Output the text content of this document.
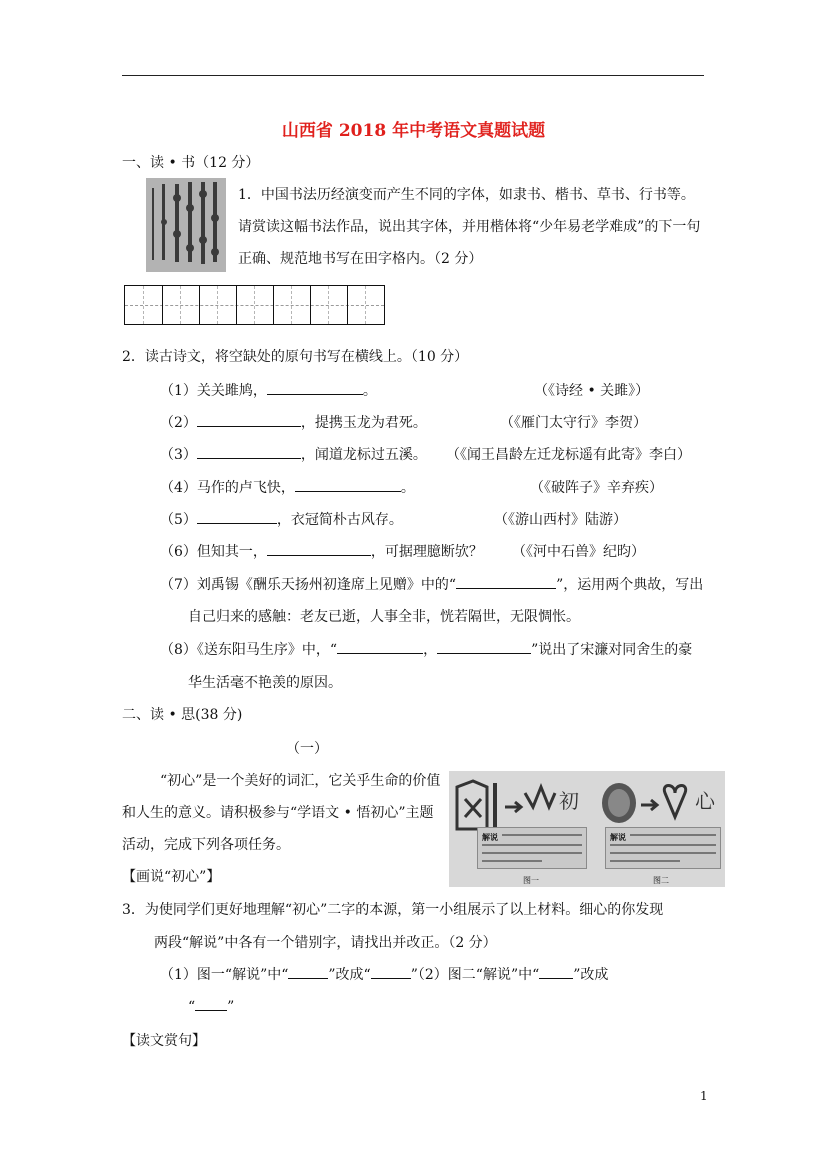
山西省 2018 年中考语文真题试题
一、读 • 书（12 分）
1．中国书法历经演变而产生不同的字体，如隶书、楷书、草书、行书等。
请赏读这幅书法作品，说出其字体，并用楷体将“少年易老学难成”的下一句
正确、规范地书写在田字格内。（2 分）
2．读古诗文，将空缺处的原句书写在横线上。（10 分）
（1）关关雎鸠，	。	（《诗经 • 关雎》）
（2）	，提携玉龙为君死。	（《雁门太守行》李贺）
（3）	，闻道龙标过五溪。 （《闻王昌龄左迁龙标遥有此寄》李白）
（4）马作的卢飞快，	。	（《破阵子》辛弃疾）
（5）	，衣冠简朴古风存。	（《游山西村》陆游）
（6）但知其一，	，可据理臆断欤？ （《河中石兽》纪昀）
（7）刘禹锡《酬乐天扬州初逢席上见赠》中的“	”，运用两个典故，写出
自己归来的感触：老友已逝，人事全非，恍若隔世，无限惆怅。
（8）《送东阳马生序》中，“	，	”说出了宋濂对同舍生的豪
华生活毫不艳羡的原因。
二、读 • 思(38 分)
（一）
“初心”是一个美好的词汇，它关乎生命的价值
和人生的意义。请积极参与“学语文 • 悟初心”主题
活动，完成下列各项任务。
【画说“初心”】
初
解说
图一
心
解说
图二
3．为使同学们更好地理解“初心”二字的本源，第一小组展示了以上材料。细心的你发现
两段“解说”中各有一个错别字，请找出并改正。（2 分）
（1）图一“解说”中“	”改成“	”（2）图二“解说”中“ ”改成
“ ”
【读文赏句】
1
